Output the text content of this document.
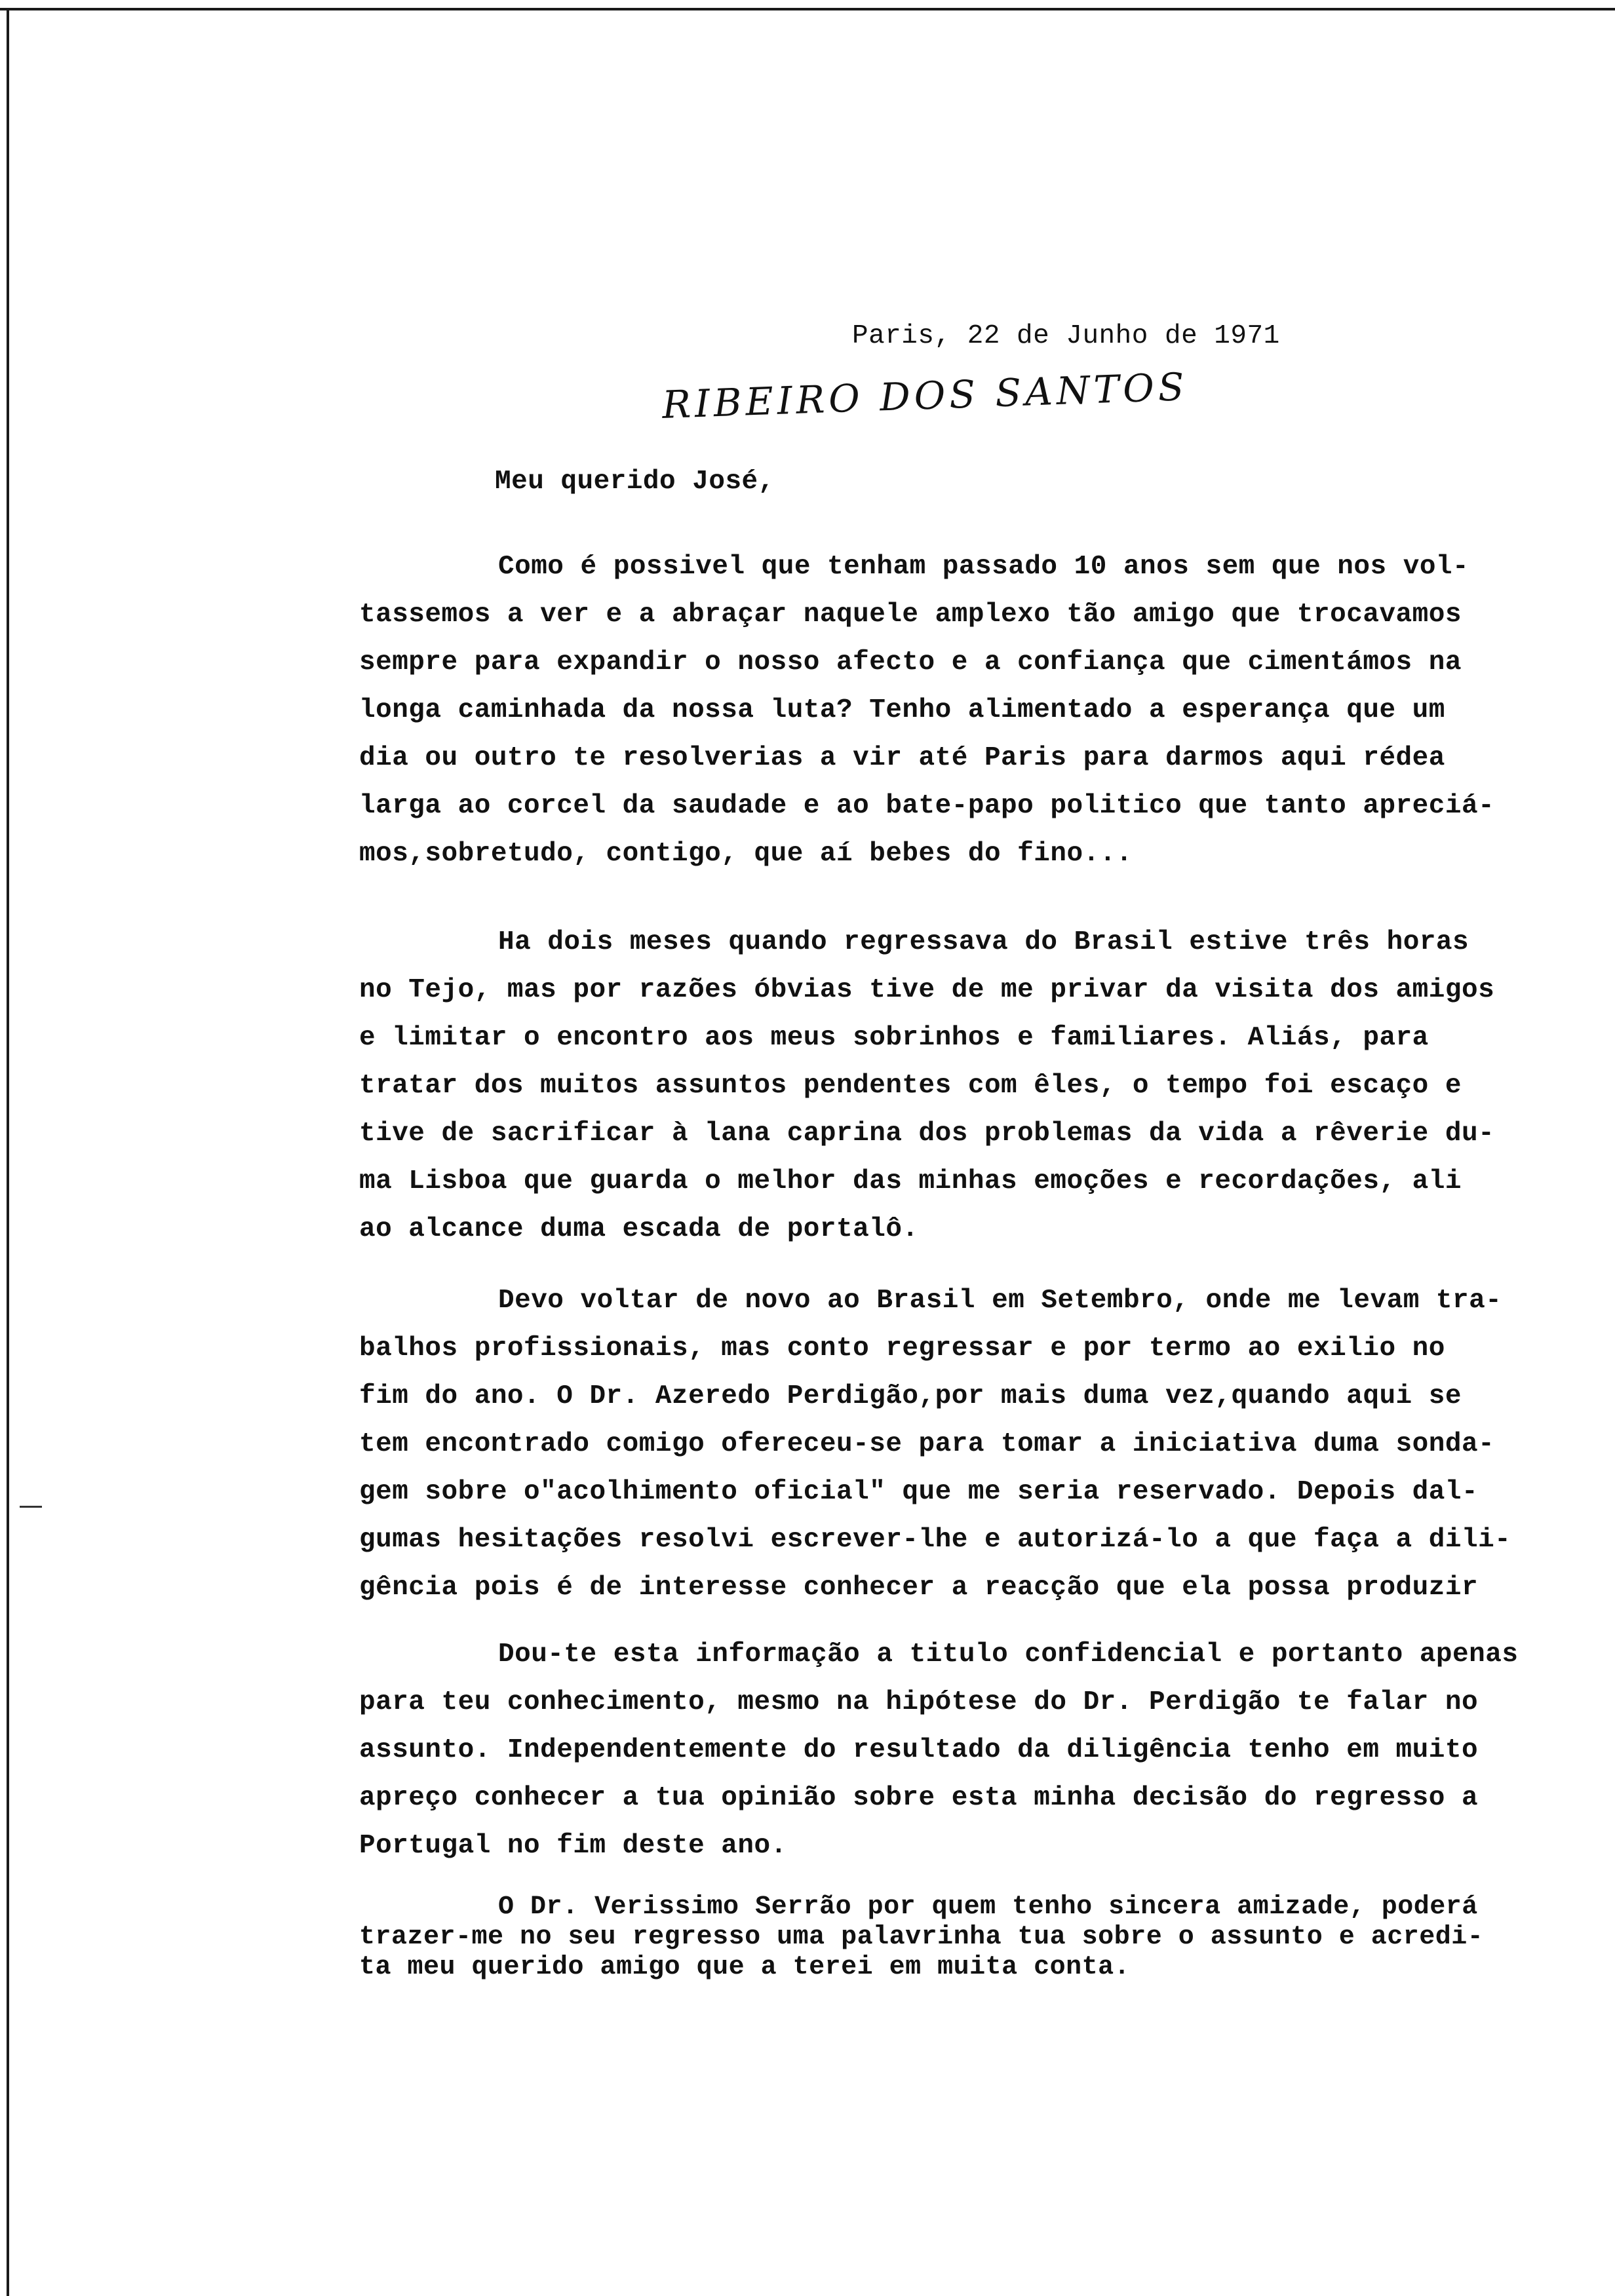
Paris, 22 de Junho de 1971
RIBEIRO DOS SANTOS
Meu querido José,
Como é possivel que tenham passado 10 anos sem que nos vol-
tassemos a ver e a abraçar naquele amplexo tão amigo que trocavamos
sempre para expandir o nosso afecto e a confiança que cimentámos na
longa caminhada da nossa luta? Tenho alimentado a esperança que um
dia ou outro te resolverias a vir até Paris para darmos aqui rédea
larga ao corcel da saudade e ao bate-papo politico que tanto apreciá-
mos,sobretudo, contigo, que aí bebes do fino...
Ha dois meses quando regressava do Brasil estive três horas
no Tejo, mas por razões óbvias tive de me privar da visita dos amigos
e limitar o encontro aos meus sobrinhos e familiares. Aliás, para
tratar dos muitos assuntos pendentes com êles, o tempo foi escaço e
tive de sacrificar à lana caprina dos problemas da vida a rêverie du-
ma Lisboa que guarda o melhor das minhas emoções e recordações, ali
ao alcance duma escada de portalô.
Devo voltar de novo ao Brasil em Setembro, onde me levam tra-
balhos profissionais, mas conto regressar e por termo ao exilio no
fim do ano. O Dr. Azeredo Perdigão,por mais duma vez,quando aqui se
tem encontrado comigo ofereceu-se para tomar a iniciativa duma sonda-
gem sobre o"acolhimento oficial" que me seria reservado. Depois dal-
gumas hesitações resolvi escrever-lhe e autorizá-lo a que faça a dili-
gência pois é de interesse conhecer a reacção que ela possa produzir
Dou-te esta informação a titulo confidencial e portanto apenas
para teu conhecimento, mesmo na hipótese do Dr. Perdigão te falar no
assunto. Independentemente do resultado da diligência tenho em muito
apreço conhecer a tua opinião sobre esta minha decisão do regresso a
Portugal no fim deste ano.
O Dr. Verissimo Serrão por quem tenho sincera amizade, poderá
trazer-me no seu regresso uma palavrinha tua sobre o assunto e acredi-
ta meu querido amigo que a terei em muita conta.
